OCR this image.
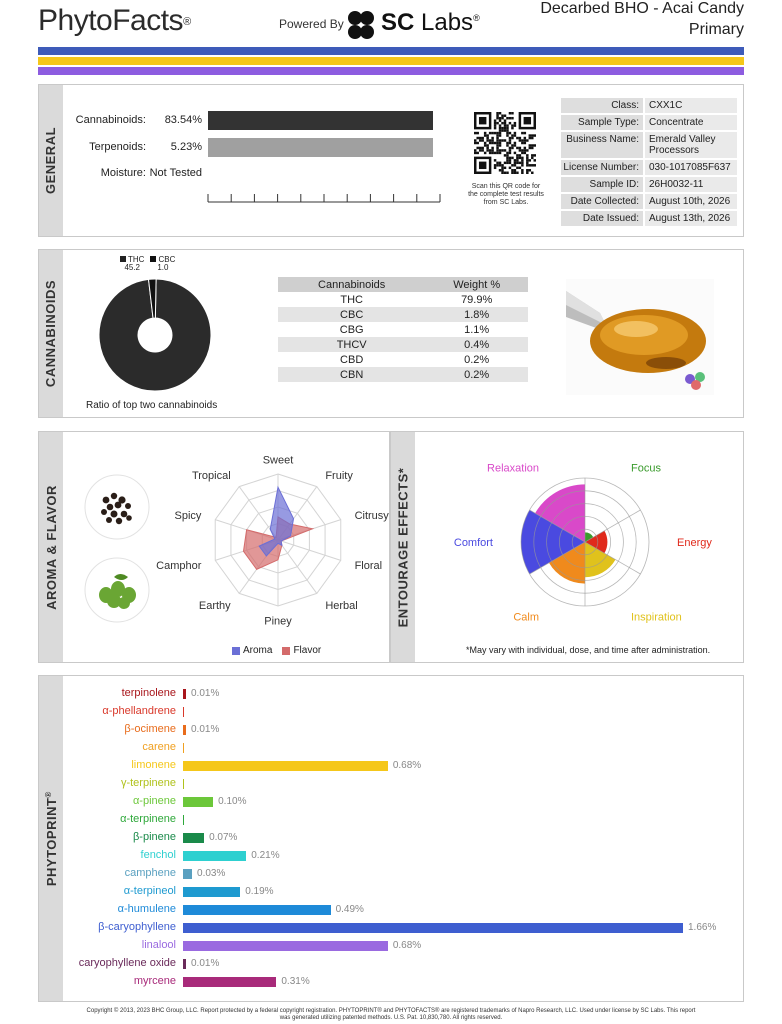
PhytoFacts®	Powered By SC Labs®
Decarbed BHO - Acai Candy
Primary
GENERAL
Cannabinoids:	83.54%
Terpenoids:	5.23%
Moisture: Not Tested
Scan this QR code for the complete test results from SC Labs.
Class:	CXX1C
Sample Type:	Concentrate
Business Name:	Emerald Valley Processors
License Number:	030-1017085F637
Sample ID:	26H0032-11
Date Collected:	August 10th, 2026
Date Issued:	August 13th, 2026
CANNABINOIDS
THC
45.2
CBC
1.0
Ratio of top two cannabinoids
Cannabinoids	Weight %
THC	79.9%
CBC	1.8%
CBG	1.1%
THCV	0.4%
CBD	0.2%
CBN	0.2%
AROMA & FLAVOR
Sweet
Fruity
Citrusy
Floral
Herbal
Piney
Earthy
Camphor
Spicy
Tropical
Aroma Flavor
ENTOURAGE EFFECTS*	Focus
Energy
Inspiration
Calm
Comfort
Relaxation
*May vary with individual, dose, and time after administration.
PHYTOPRINT®
terpinolene 0.01%
α-phellandrene
β-ocimene 0.01%
carene
limonene	0.68%
γ-terpinene
α-pinene	0.10%
α-terpinene
β-pinene	0.07%
fenchol	0.21%
camphene 0.03%
α-terpineol	0.19%
α-humulene	0.49%
β-caryophyllene	1.66%
linalool	0.68%
caryophyllene oxide 0.01%
myrcene	0.31%
Copyright © 2013, 2023 BHC Group, LLC. Report protected by a federal copyright registration. PHYTOPRINT® and PHYTOFACTS® are registered trademarks of Napro Research, LLC. Used under license by SC Labs. This report
was generated utilizing patented methods. U.S. Pat. 10,830,780. All rights reserved.
